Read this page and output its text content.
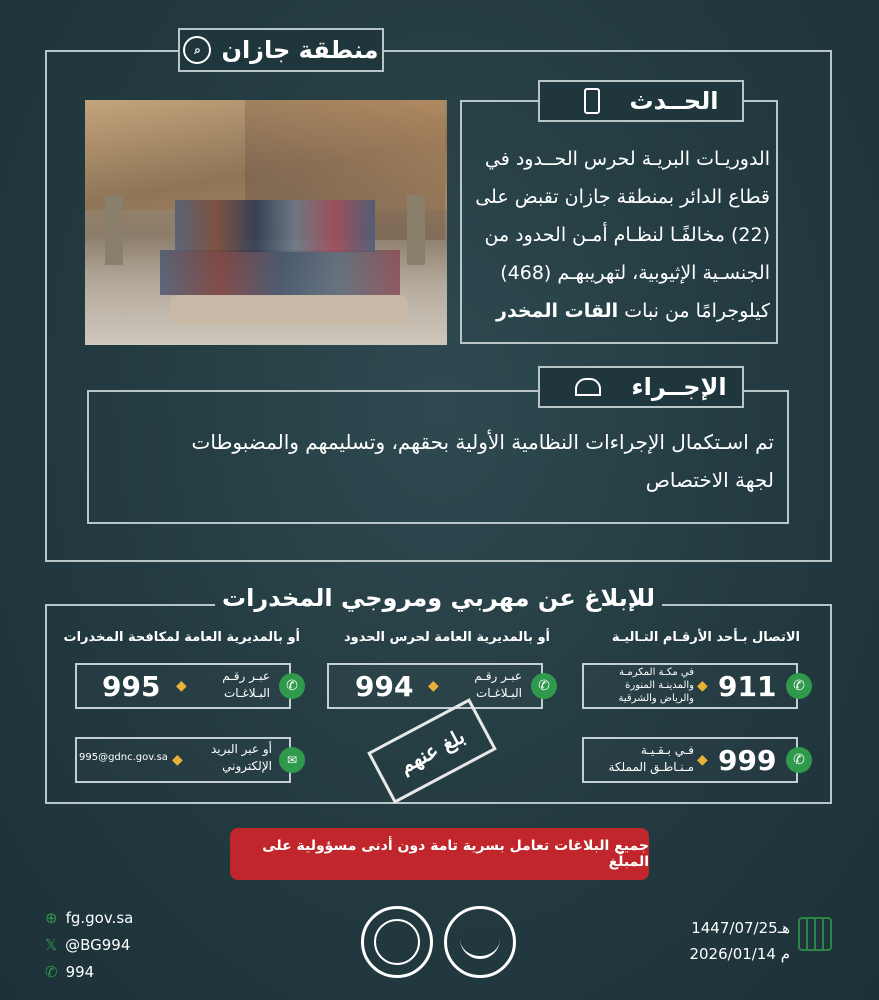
⌕ منطقة جازان
الحــدث
الدوريـات البريـة لحرس الحــدود في
قطاع الدائر بمنطقة جازان تقبض على
(22) مخالفًـا لنظـام أمـن الحدود من
الجنسـية الإثيوبية، لتهريبهـم (468)
كيلوجرامًا من نبات القات المخدر
الإجــراء
تم اسـتكمال الإجراءات النظامية الأولية بحقهم، وتسليمهم والمضبوطات
لجهة الاختصاص
للإبلاغ عن مهربي ومروجي المخدرات
الاتصال بـأحد الأرقـام التـاليـة
أو بالمديرية العامة لحرس الحدود
أو بالمديرية العامة لمكافحة المخدرات
✆
911
◆
في مكـة المكرمـة
والمدينـة المنورة
والرياض والشرقية
✆
999
◆
فـي بـقـيـة
مـنـاطـق المملكة
✆
عبـر رقـم
البـلاغـات
◆
994
✆
عبـر رقـم
البـلاغـات
◆
995
✉
أو عبر البريد
الإلكتروني
◆
995@gdnc.gov.sa	بلغ عنهم
جميع البلاغات تعامل بسرية تامة دون أدنى مسؤولية على المبلّغ
⊕ fg.gov.sa
𝕏 @BG994
✆ 994
1447/07/25هـ
2026/01/14 م
